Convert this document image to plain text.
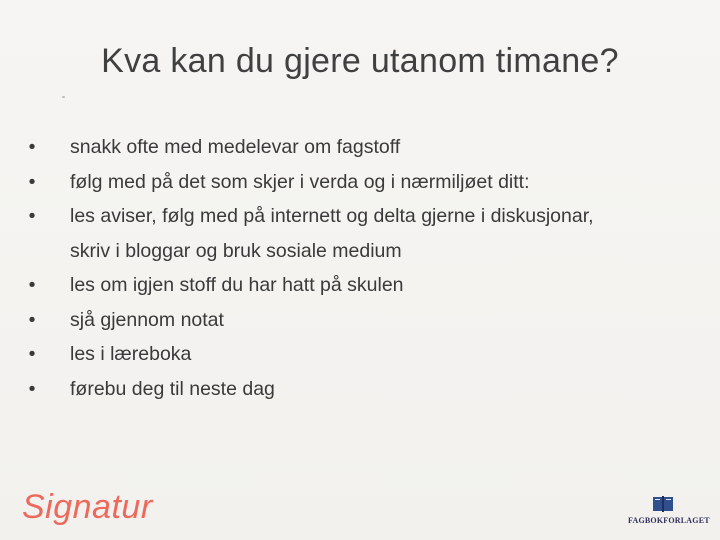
Kva kan du gjere utanom timane?
•	snakk ofte med medelevar om fagstoff
•	følg med på det som skjer i verda og i nærmiljøet ditt:
•	les aviser, følg med på internett og delta gjerne i diskusjonar,
skriv i bloggar og bruk sosiale medium
•	les om igjen stoff du har hatt på skulen
•	sjå gjennom notat
•	les i læreboka
•	førebu deg til neste dag
Signatur	FAGBOKFORLAGET
